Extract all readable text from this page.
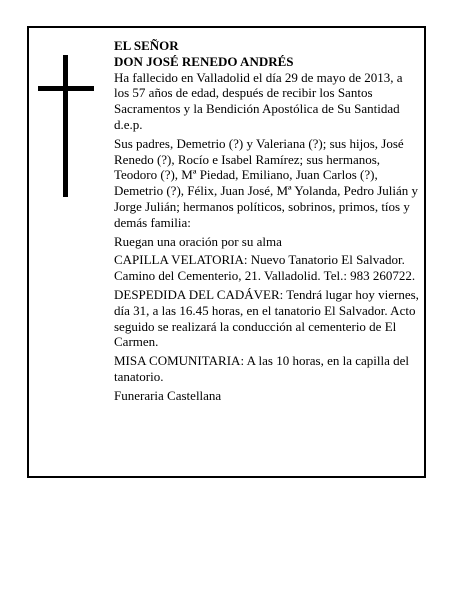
EL SEÑOR

DON JOSÉ RENEDO ANDRÉS

Ha fallecido en Valladolid el día 29 de mayo de 2013, a los 57 años de edad, después de recibir los Santos Sacramentos y la Bendición Apostólica de Su Santidad d.e.p.

Sus padres, Demetrio (?) y Valeriana (?); sus hijos, José Renedo (?), Rocío e Isabel Ramírez; sus hermanos, Teodoro (?), Mª Piedad, Emiliano, Juan Carlos (?), Demetrio (?), Félix, Juan José, Mª Yolanda, Pedro Julián y Jorge Julián; hermanos políticos, sobrinos, primos, tíos y demás familia:

Ruegan una oración por su alma

CAPILLA VELATORIA: Nuevo Tanatorio El Salvador. Camino del Cementerio, 21. Valladolid. Tel.: 983 260722.

DESPEDIDA DEL CADÁVER: Tendrá lugar hoy viernes, día 31, a las 16.45 horas, en el tanatorio El Salvador. Acto seguido se realizará la conducción al cementerio de El Carmen.

MISA COMUNITARIA: A las 10 horas, en la capilla del tanatorio.

Funeraria Castellana
